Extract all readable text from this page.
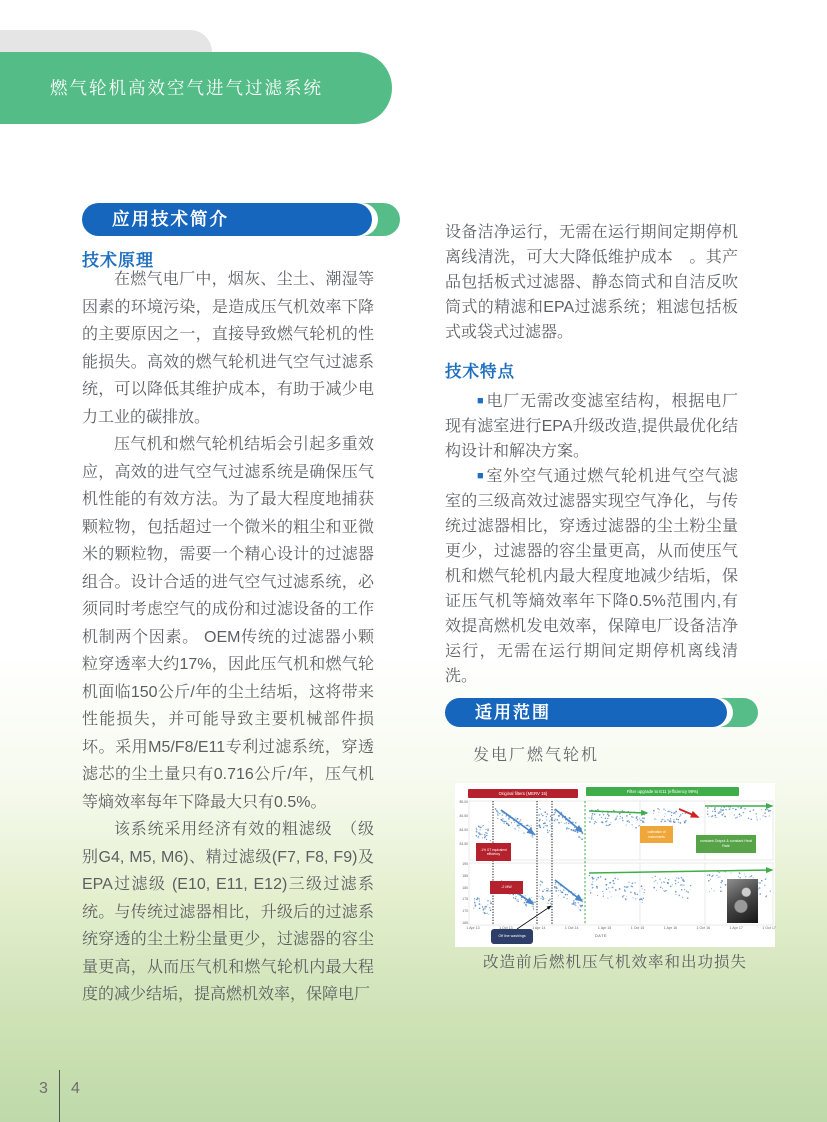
燃气轮机高效空气进气过滤系统
应用技术简介
技术原理

在燃气电厂中，烟灰、尘土、潮湿等因素的环境污染，是造成压气机效率下降的主要原因之一，直接导致燃气轮机的性能损失。高效的燃气轮机进气空气过滤系统，可以降低其维护成本，有助于减少电力工业的碳排放。

压气机和燃气轮机结垢会引起多重效应，高效的进气空气过滤系统是确保压气机性能的有效方法。为了最大程度地捕获颗粒物，包括超过一个微米的粗尘和亚微米的颗粒物，需要一个精心设计的过滤器组合。设计合适的进气空气过滤系统，必须同时考虑空气的成份和过滤设备的工作机制两个因素。 OEM传统的过滤器小颗粒穿透率大约17%，因此压气机和燃气轮机面临150公斤/年的尘土结垢，这将带来性能损失，并可能导致主要机械部件损坏。采用M5/F8/E11专利过滤系统，穿透滤芯的尘土量只有0.716公斤/年，压气机等熵效率每年下降最大只有0.5%。

该系统采用经济有效的粗滤级　（级别G4, M5, M6)、精过滤级(F7, F8, F9)及EPA过滤级 (E10, E11, E12)三级过滤系统。与传统过滤器相比，升级后的过滤系统穿透的尘土粉尘量更少，过滤器的容尘量更高，从而压气机和燃气轮机内最大程度的减少结垢，提高燃机效率，保障电厂

设备洁净运行，无需在运行期间定期停机离线清洗，可大大降低维护成本　。其产品包括板式过滤器、静态筒式和自洁反吹筒式的精滤和EPA过滤系统；粗滤包括板式或袋式过滤器。

技术特点

■ 电厂无需改变滤室结构，根据电厂现有滤室进行EPA升级改造,提供最优化结构设计和解决方案。

■ 室外空气通过燃气轮机进气空气滤室的三级高效过滤器实现空气净化，与传统过滤器相比，穿透过滤器的尘土粉尘量更少，过滤器的容尘量更高，从而使压气机和燃气轮机内最大程度地减少结垢，保证压气机等熵效率年下降0.5%范围内,有效提高燃机发电效率，保障电厂设备洁净运行，无需在运行期间定期停机离线清洗。

适用范围
发电厂燃气轮机
Original filters (MERV 15)	Filter upgrade to E11 (efficiency 99%)
-1% GT equivalent efficiency
-2 MW
calibration of instruments
constant Output & constant Heat Rate
Off line washings	DATE
1 Apr 13	1 Oct 13	1 Apr 14	1 Oct 14	1 Apr 15	1 Oct 15	1 Apr 16	1 Oct 16	1 Apr 17	1 Oct 17
85.00
84.50
84.00
83.50
190
185
180
175
170
165
改造前后燃机压气机效率和出功损失
3 4
